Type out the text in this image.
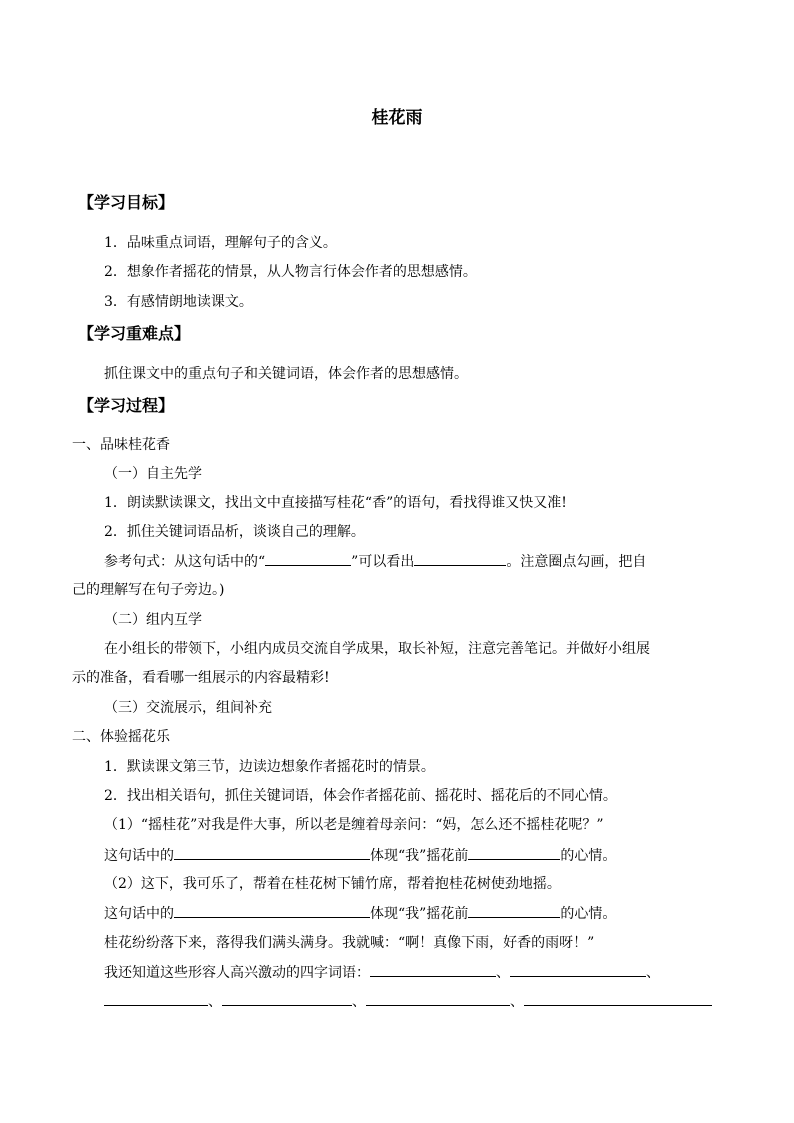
桂花雨
【学习目标】
1．品味重点词语，理解句子的含义。
2．想象作者摇花的情景，从人物言行体会作者的思想感情。
3．有感情朗地读课文。
【学习重难点】
抓住课文中的重点句子和关键词语，体会作者的思想感情。
【学习过程】
一、品味桂花香
（一）自主先学
1．朗读默读课文，找出文中直接描写桂花“香”的语句，看找得谁又快又准!
2．抓住关键词语品析，谈谈自己的理解。
参考句式：从这句话中的“	”可以看出	。注意圈点勾画，把自
己的理解写在句子旁边。)
（二）组内互学
在小组长的带领下，小组内成员交流自学成果，取长补短，注意完善笔记。并做好小组展
示的准备，看看哪一组展示的内容最精彩!
（三）交流展示，组间补充
二、体验摇花乐
1．默读课文第三节，边读边想象作者摇花时的情景。
2．找出相关语句，抓住关键词语，体会作者摇花前、摇花时、摇花后的不同心情。
（1）“摇桂花”对我是件大事，所以老是缠着母亲问：“妈，怎么还不摇桂花呢？”
这句话中的	体现“我”摇花前	的心情。
（2）这下，我可乐了，帮着在桂花树下铺竹席，帮着抱桂花树使劲地摇。
这句话中的	体现“我”摇花前	的心情。
桂花纷纷落下来，落得我们满头满身。我就喊：“啊！真像下雨，好香的雨呀！”
我还知道这些形容人高兴激动的四字词语：	、	、
、	、	、
